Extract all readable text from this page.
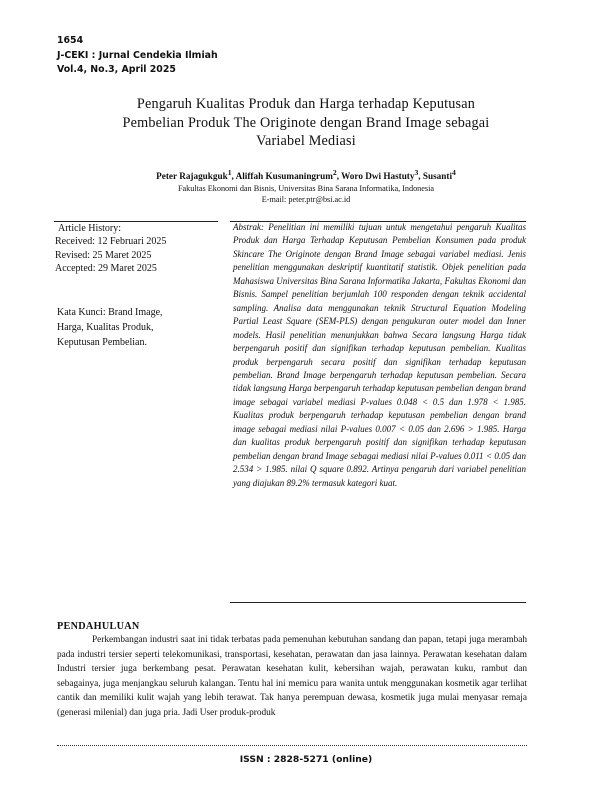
1654
J-CEKI : Jurnal Cendekia Ilmiah
Vol.4, No.3, April 2025
Pengaruh Kualitas Produk dan Harga terhadap Keputusan
Pembelian Produk The Originote dengan Brand Image sebagai
Variabel Mediasi
Peter Rajagukguk$^1$, Aliffah Kusumaningrum$^2$, Woro Dwi Hastuty$^3$, Susanti$^4$
Fakultas Ekonomi dan Bisnis, Universitas Bina Sarana Informatika, Indonesia
E-mail: peter.ptr@bsi.ac.id
Article History:
Received: 12 Februari 2025
Revised: 25 Maret 2025
Accepted: 29 Maret 2025
Kata Kunci: Brand Image,
Harga, Kualitas Produk,
Keputusan Pembelian.
Abstrak: Penelitian ini memiliki tujuan untuk mengetahui pengaruh Kualitas Produk dan Harga Terhadap Keputusan Pembelian Konsumen pada produk Skincare The Originote dengan Brand Image sebagai variabel mediasi. Jenis penelitian menggunakan deskriptif kuantitatif statistik. Objek penelitian pada Mahasiswa Universitas Bina Sarana Informatika Jakarta, Fakultas Ekonomi dan Bisnis. Sampel penelitian berjumlah 100 responden dengan teknik accidental sampling. Analisa data menggunakan teknik Structural Equation Modeling Partial Least Square (SEM-PLS) dengan pengukuran outer model dan Inner models. Hasil penelitian menunjukkan bahwa Secara langsung Harga tidak berpengaruh positif dan signifikan terhadap keputusan pembelian. Kualitas produk berpengaruh secara positif dan signifikan terhadap keputusan pembelian. Brand Image berpengaruh terhadap keputusan pembelian. Secara tidak langsung Harga berpengaruh terhadap keputusan pembelian dengan brand image sebagai variabel mediasi P-values 0.048 < 0.5 dan 1.978 < 1.985. Kualitas produk berpengaruh terhadap keputusan pembelian dengan brand image sebagai mediasi nilai P-values 0.007 < 0.05 dan 2.696 > 1.985. Harga dan kualitas produk berpengaruh positif dan signifikan terhadap keputusan pembelian dengan brand Image sebagai mediasi nilai P-values 0.011 < 0.05 dan 2.534 > 1.985. nilai Q square 0.892. Artinya pengaruh dari variabel penelitian yang diajukan 89.2% termasuk kategori kuat.
PENDAHULUAN

Perkembangan industri saat ini tidak terbatas pada pemenuhan kebutuhan sandang dan papan, tetapi juga merambah pada industri tersier seperti telekomunikasi, transportasi, kesehatan, perawatan dan jasa lainnya. Perawatan kesehatan dalam Industri tersier juga berkembang pesat. Perawatan kesehatan kulit, kebersihan wajah, perawatan kuku, rambut dan sebagainya, juga menjangkau seluruh kalangan. Tentu hal ini memicu para wanita untuk menggunakan kosmetik agar terlihat cantik dan memiliki kulit wajah yang lebih terawat. Tak hanya perempuan dewasa, kosmetik juga mulai menyasar remaja (generasi milenial) dan juga pria. Jadi User produk-produk

ISSN : 2828-5271 (online)
